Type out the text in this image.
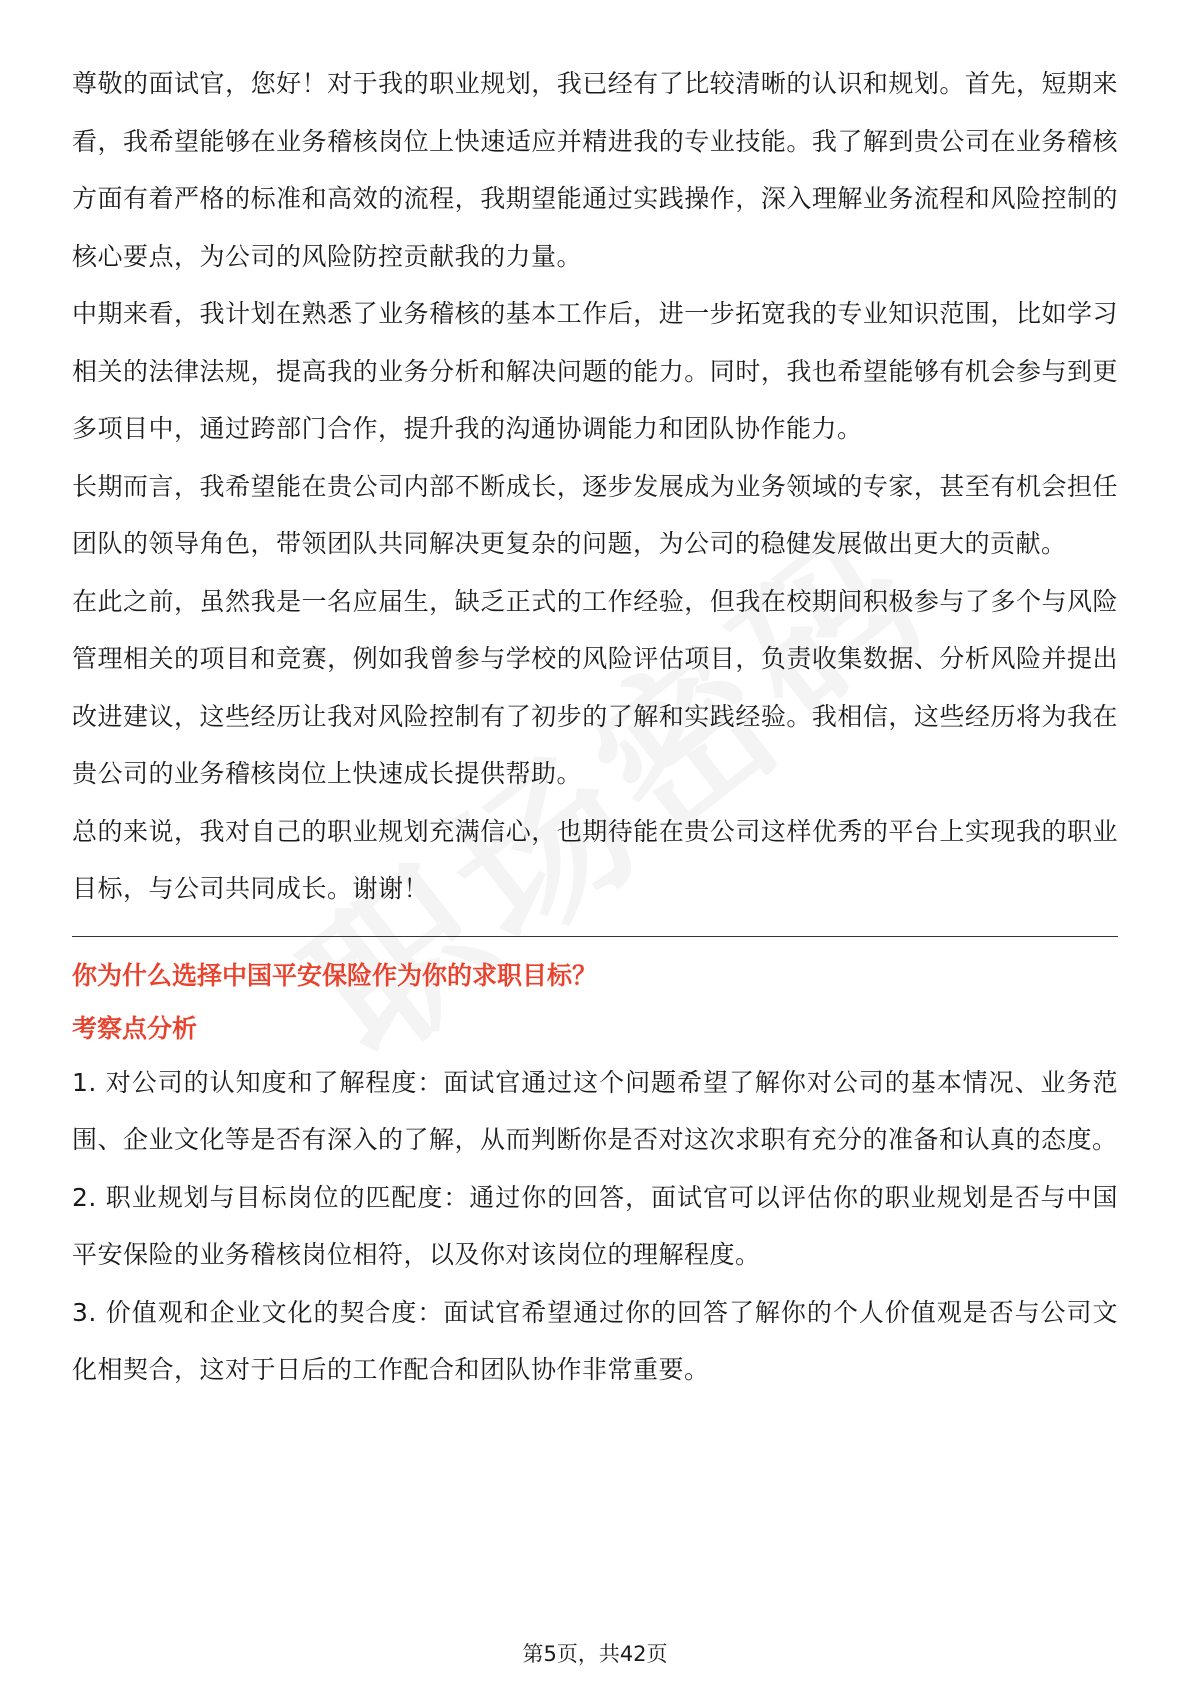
尊敬的面试官，您好！对于我的职业规划，我已经有了比较清晰的认识和规划。首先，短期来看，我希望能够在业务稽核岗位上快速适应并精进我的专业技能。我了解到贵公司在业务稽核方面有着严格的标准和高效的流程，我期望能通过实践操作，深入理解业务流程和风险控制的核心要点，为公司的风险防控贡献我的力量。

中期来看，我计划在熟悉了业务稽核的基本工作后，进一步拓宽我的专业知识范围，比如学习相关的法律法规，提高我的业务分析和解决问题的能力。同时，我也希望能够有机会参与到更多项目中，通过跨部门合作，提升我的沟通协调能力和团队协作能力。

长期而言，我希望能在贵公司内部不断成长，逐步发展成为业务领域的专家，甚至有机会担任团队的领导角色，带领团队共同解决更复杂的问题，为公司的稳健发展做出更大的贡献。

在此之前，虽然我是一名应届生，缺乏正式的工作经验，但我在校期间积极参与了多个与风险管理相关的项目和竞赛，例如我曾参与学校的风险评估项目，负责收集数据、分析风险并提出改进建议，这些经历让我对风险控制有了初步的了解和实践经验。我相信，这些经历将为我在贵公司的业务稽核岗位上快速成长提供帮助。

总的来说，我对自己的职业规划充满信心，也期待能在贵公司这样优秀的平台上实现我的职业目标，与公司共同成长。谢谢！

你为什么选择中国平安保险作为你的求职目标？

考察点分析

1. 对公司的认知度和了解程度：面试官通过这个问题希望了解你对公司的基本情况、业务范围、企业文化等是否有深入的了解，从而判断你是否对这次求职有充分的准备和认真的态度。

2. 职业规划与目标岗位的匹配度：通过你的回答，面试官可以评估你的职业规划是否与中国平安保险的业务稽核岗位相符，以及你对该岗位的理解程度。

3. 价值观和企业文化的契合度：面试官希望通过你的回答了解你的个人价值观是否与公司文化相契合，这对于日后的工作配合和团队协作非常重要。

第5页，共42页
